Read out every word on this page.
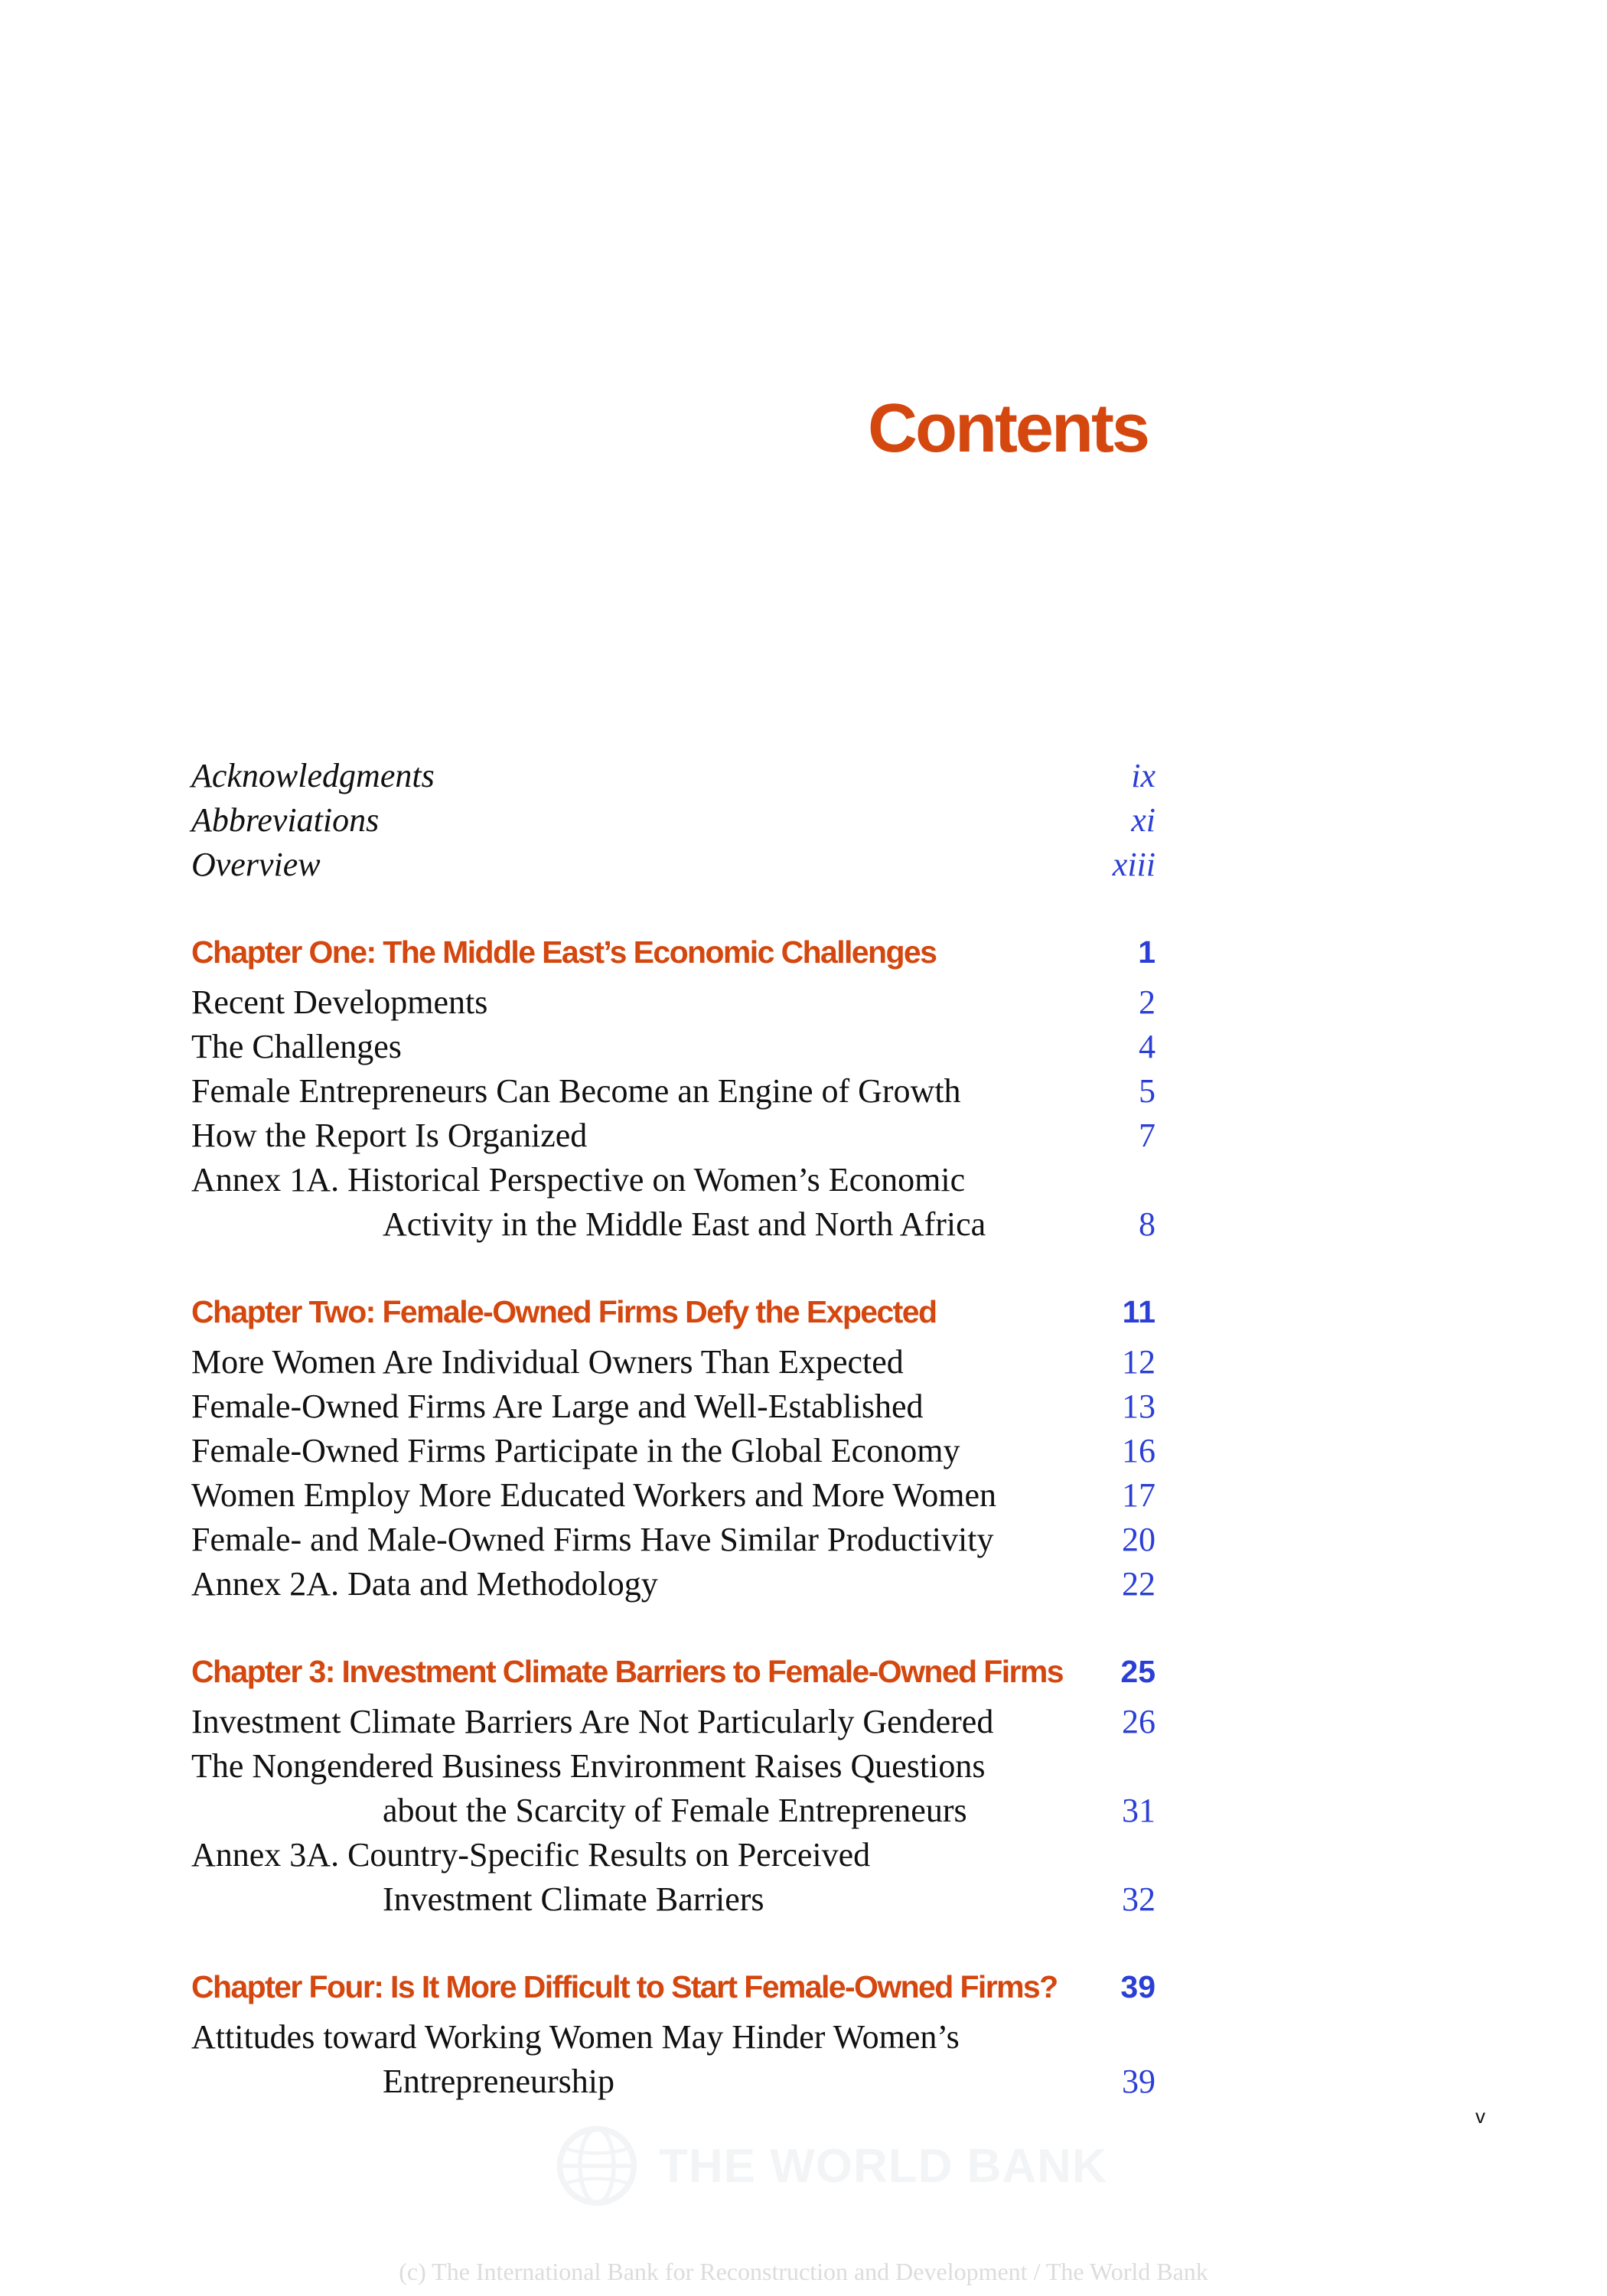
Contents
Acknowledgments	ix
Abbreviations	xi
Overview	xiii
Chapter One: The Middle East’s Economic Challenges	1
Recent Developments	2
The Challenges	4
Female Entrepreneurs Can Become an Engine of Growth	5
How the Report Is Organized	7
Annex 1A. Historical Perspective on Women’s Economic
Activity in the Middle East and North Africa	8
Chapter Two: Female-Owned Firms Defy the Expected	11
More Women Are Individual Owners Than Expected	12
Female-Owned Firms Are Large and Well-Established	13
Female-Owned Firms Participate in the Global Economy	16
Women Employ More Educated Workers and More Women	17
Female- and Male-Owned Firms Have Similar Productivity	20
Annex 2A. Data and Methodology	22
Chapter 3: Investment Climate Barriers to Female-Owned Firms	25
Investment Climate Barriers Are Not Particularly Gendered	26
The Nongendered Business Environment Raises Questions
about the Scarcity of Female Entrepreneurs	31
Annex 3A. Country-Specific Results on Perceived
Investment Climate Barriers	32
Chapter Four: Is It More Difficult to Start Female-Owned Firms?	39
Attitudes toward Working Women May Hinder Women’s
Entrepreneurship	39
v
THE WORLD BANK
(c) The International Bank for Reconstruction and Development / The World Bank
